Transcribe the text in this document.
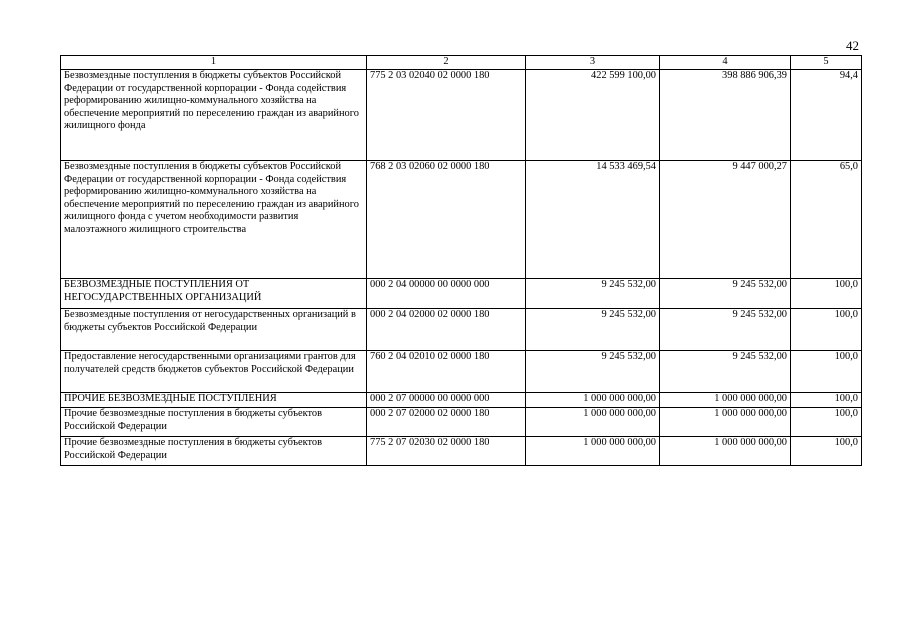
42
1	2	3	4	5
Безвозмездные поступления в бюджеты субъектов Российской Федерации от государственной корпорации - Фонда содействия реформированию жилищно-коммунального хозяйства на обеспечение мероприятий по переселению граждан из аварийного жилищного фонда	775 2 03 02040 02 0000 180	422 599 100,00	398 886 906,39	94,4
Безвозмездные поступления в бюджеты субъектов Российской Федерации от государственной корпорации - Фонда содействия реформированию жилищно-коммунального хозяйства на обеспечение мероприятий по переселению граждан из аварийного жилищного фонда с учетом необходимости развития малоэтажного жилищного строительства	768 2 03 02060 02 0000 180	14 533 469,54	9 447 000,27	65,0
БЕЗВОЗМЕЗДНЫЕ ПОСТУПЛЕНИЯ ОТ НЕГОСУДАРСТВЕННЫХ ОРГАНИЗАЦИЙ	000 2 04 00000 00 0000 000	9 245 532,00	9 245 532,00	100,0
Безвозмездные поступления от негосударственных организаций в бюджеты субъектов Российской Федерации	000 2 04 02000 02 0000 180	9 245 532,00	9 245 532,00	100,0
Предоставление негосударственными организациями грантов для получателей средств бюджетов субъектов Российской Федерации	760 2 04 02010 02 0000 180	9 245 532,00	9 245 532,00	100,0
ПРОЧИЕ БЕЗВОЗМЕЗДНЫЕ ПОСТУПЛЕНИЯ	000 2 07 00000 00 0000 000	1 000 000 000,00	1 000 000 000,00	100,0
Прочие безвозмездные поступления в бюджеты субъектов Российской Федерации	000 2 07 02000 02 0000 180	1 000 000 000,00	1 000 000 000,00	100,0
Прочие безвозмездные поступления в бюджеты субъектов Российской Федерации	775 2 07 02030 02 0000 180	1 000 000 000,00	1 000 000 000,00	100,0
